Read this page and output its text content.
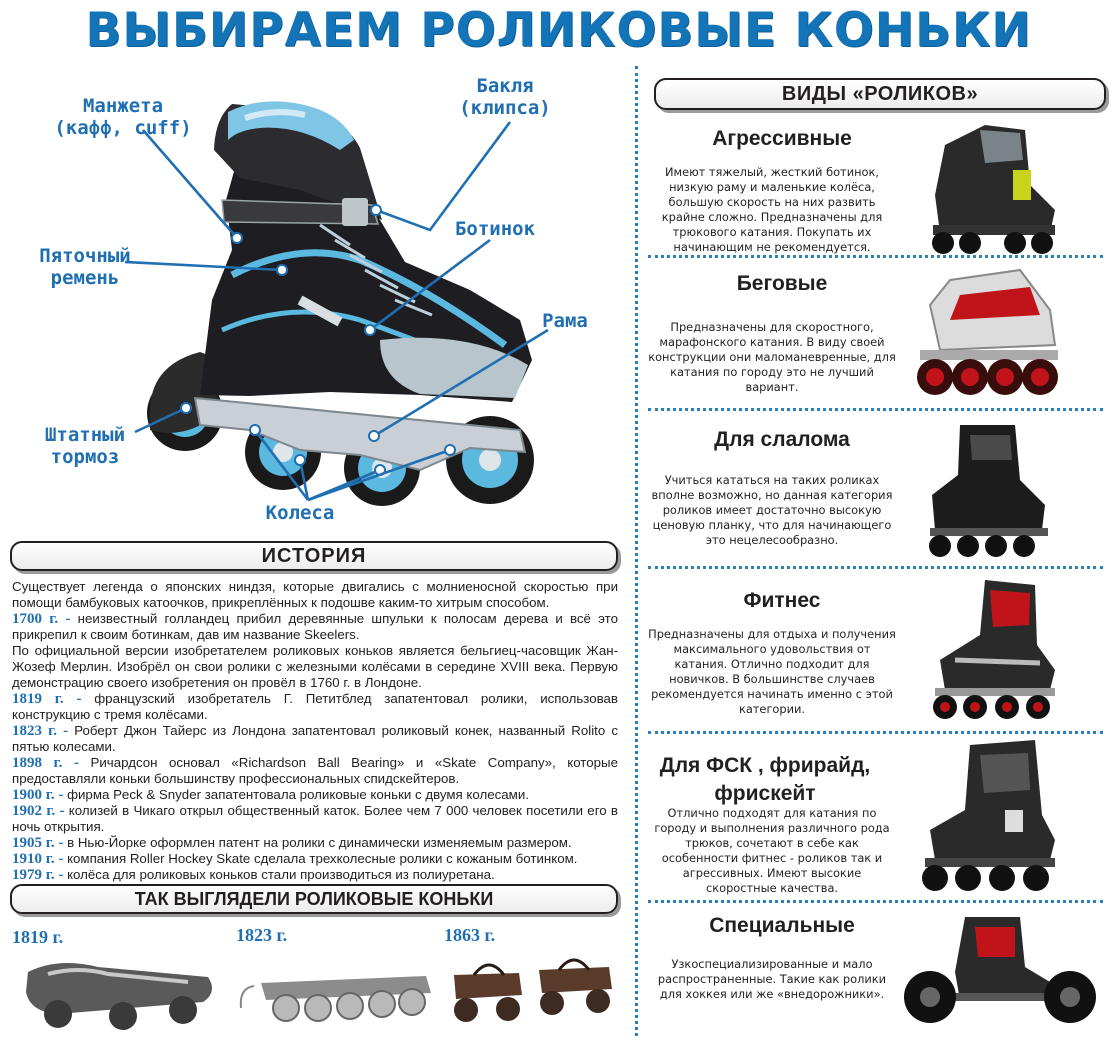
ВЫБИРАЕМ РОЛИКОВЫЕ КОНЬКИ
Манжета
(кафф, cuff)
Бакля
(клипса)
Пяточный
ремень
Ботинок
Рама
Штатный
тормоз
Колеса
ИСТОРИЯ

Существует легенда о японских ниндзя, которые двигались с молниеносной скоростью при помощи бамбуковых катоочков, прикреплённых к подошве каким-то хитрым способом.

1700 г. - неизвестный голландец прибил деревянные шпульки к полосам дерева и всё это прикрепил к своим ботинкам, дав им название Skeelers.

По официальной версии изобретателем роликовых коньков является бельгиец-часовщик Жан-Жозеф Мерлин. Изобрёл он свои ролики с железными колёсами в середине XVIII века. Первую демонстрацию своего изобретения он провёл в 1760 г. в Лондоне.

1819 г. - французский изобретатель Г. Петитблед запатентовал ролики, использовав конструкцию с тремя колёсами.

1823 г. - Роберт Джон Тайерс из Лондона запатентовал роликовый конек, названный Rolito с пятью колесами.

1898 г. - Ричардсон основал «Richardson Ball Bearing» и «Skate Company», которые предоставляли коньки большинству профессиональных спидскейтеров.

1900 г. - фирма Peck & Snyder запатентовала роликовые коньки с двумя колесами.

1902 г. - колизей в Чикаго открыл общественный каток. Более чем 7 000 человек посетили его в ночь открытия.

1905 г. - в Нью-Йорке оформлен патент на ролики с динамически изменяемым размером.

1910 г. - компания Roller Hockey Skate сделала трехколесные ролики с кожаным ботинком.

1979 г. - колёса для роликовых коньков стали производиться из полиуретана.

ТАК ВЫГЛЯДЕЛИ РОЛИКОВЫЕ КОНЬКИ
1819 г.	1823 г.	1863 г.
ВИДЫ «РОЛИКОВ»
Агрессивные
Имеют тяжелый, жесткий ботинок, низкую раму и маленькие колёса, большую скорость на них развить крайне сложно. Предназначены для трюкового катания. Покупать их начинающим не рекомендуется.
Беговые
Предназначены для скоростного, марафонского катания. В виду своей конструкции они маломаневренные, для катания по городу это не лучший вариант.
Для слалома
Учиться кататься на таких роликах вполне возможно, но данная категория роликов имеет достаточно высокую ценовую планку, что для начинающего это нецелесообразно.
Фитнес
Предназначены для отдыха и получения максимального удовольствия от катания. Отлично подходит для новичков. В большинстве случаев рекомендуется начинать именно с этой категории.
Для ФСК , фрирайд, фрискейт
Отлично подходят для катания по городу и выполнения различного рода трюков, сочетают в себе как особенности фитнес - роликов так и агрессивных. Имеют высокие скоростные качества.
Специальные
Узкоспециализированные и мало распространенные. Такие как ролики для хоккея или же «внедорожники».
